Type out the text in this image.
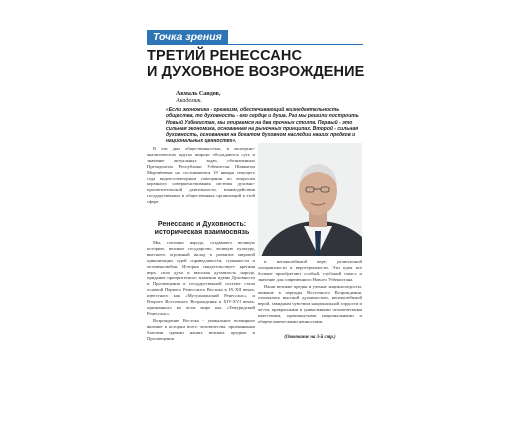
Точка зрения
ТРЕТИЙ РЕНЕССАНС
И ДУХОВНОЕ ВОЗРОЖДЕНИЕ
Акмаль Саидов,
Академик.
«Если экономика - организм, обеспечивающий жизнедеятельность общества, то духовность - его сердце и душа. Раз мы решили построить Новый Узбекистан, мы опираемся на два прочных столпа. Первый - это сильная экономика, основанная на рыночных принципах. Второй - сильная духовность, основанная на богатом духовном наследии наших предков и национальных ценностях».

В эти дни общественностью, в экспертно-аналитических кругах широко обсуждаются суть и значение актуальных задач, обозначенных Президентом Республики Узбекистан Шавкатом Мирзиёевым на состоявшемся 19 января текущего года видеоселекторном совещании по вопросам коренного совершенствования системы духовно-просветительской деятельности, взаимодействия государственных и общественных организаций в этой сфере.

Ренессанс и Духовность:
историческая взаимосвязь

Мы, потомки народа, создавшего великую историю, великое государство, великую культуру, внесшего огромный вклад в развитие мировой цивилизации, идей справедливости, гуманности и человеколюбия. История свидетельствует: крепкая вера, сила духа и высокая духовность народа, придание приоритетного значения идеям Духовности и Просвещения в государственной системе стали основой Первого Ренессанса Востока в IX-XII веках, известного как «Мусульманский Ренессанс», и Второго Восточного Возрождения в XIV-XVI веках, признанного во всем мире как «Темуридский Ренессанс».

Возрождение Востока - уникальное всемирное явление в истории всего человечества, призванными благими идеями наших великих предков и Просвещения

и непоколебимой вере, религиозной толерантности и веротерпимости. Эти идеи все больше приобретают особый, глубокий смысл и значение для современного Нового Узбекистана.

Наши великие предки и ученые энциклопедисты, жившие в периоды Восточного Возрождения, отличались высокой духовностью, непоколебимой верой, завидным чувством национальной гордости и чести, прекрасными и уникальными человеческими качествами, проникнутыми национальными и общечеловеческими ценностями.

(Окончание на 3-й стр.)
